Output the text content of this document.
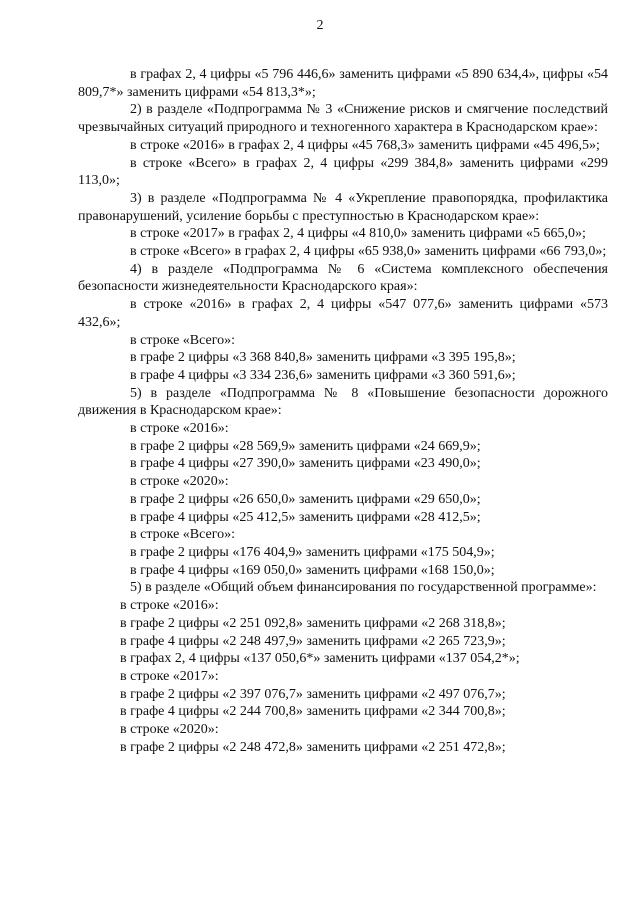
2

в графах 2, 4 цифры «5 796 446,6» заменить цифрами «5 890 634,4», цифры «54 809,7*» заменить цифрами «54 813,3*»;

2) в разделе «Подпрограмма № 3 «Снижение рисков и смягчение последствий чрезвычайных ситуаций природного и техногенного характера в Краснодарском крае»:

в строке «2016» в графах 2, 4 цифры «45 768,3» заменить цифрами «45 496,5»;

в строке «Всего» в графах 2, 4 цифры «299 384,8» заменить цифрами «299 113,0»;

3) в разделе «Подпрограмма № 4 «Укрепление правопорядка, профилактика правонарушений, усиление борьбы с преступностью в Краснодарском крае»:

в строке «2017» в графах 2, 4 цифры «4 810,0» заменить цифрами «5 665,0»;

в строке «Всего» в графах 2, 4 цифры «65 938,0» заменить цифрами «66 793,0»;

4) в разделе «Подпрограмма № 6 «Система комплексного обеспечения безопасности жизнедеятельности Краснодарского края»:

в строке «2016» в графах 2, 4 цифры «547 077,6» заменить цифрами «573 432,6»;

в строке «Всего»:

в графе 2 цифры «3 368 840,8» заменить цифрами «3 395 195,8»;

в графе 4 цифры «3 334 236,6» заменить цифрами «3 360 591,6»;

5) в разделе «Подпрограмма № 8 «Повышение безопасности дорожного движения в Краснодарском крае»:

в строке «2016»:

в графе 2 цифры «28 569,9» заменить цифрами «24 669,9»;

в графе 4 цифры «27 390,0» заменить цифрами «23 490,0»;

в строке «2020»:

в графе 2 цифры «26 650,0» заменить цифрами «29 650,0»;

в графе 4 цифры «25 412,5» заменить цифрами «28 412,5»;

в строке «Всего»:

в графе 2 цифры «176 404,9» заменить цифрами «175 504,9»;

в графе 4 цифры «169 050,0» заменить цифрами «168 150,0»;

5) в разделе «Общий объем финансирования по государственной программе»:

в строке «2016»:

в графе 2 цифры «2 251 092,8» заменить цифрами «2 268 318,8»;

в графе 4 цифры «2 248 497,9» заменить цифрами «2 265 723,9»;

в графах 2, 4 цифры «137 050,6*» заменить цифрами «137 054,2*»;

в строке «2017»:

в графе 2 цифры «2 397 076,7» заменить цифрами «2 497 076,7»;

в графе 4 цифры «2 244 700,8» заменить цифрами «2 344 700,8»;

в строке «2020»:

в графе 2 цифры «2 248 472,8» заменить цифрами «2 251 472,8»;
